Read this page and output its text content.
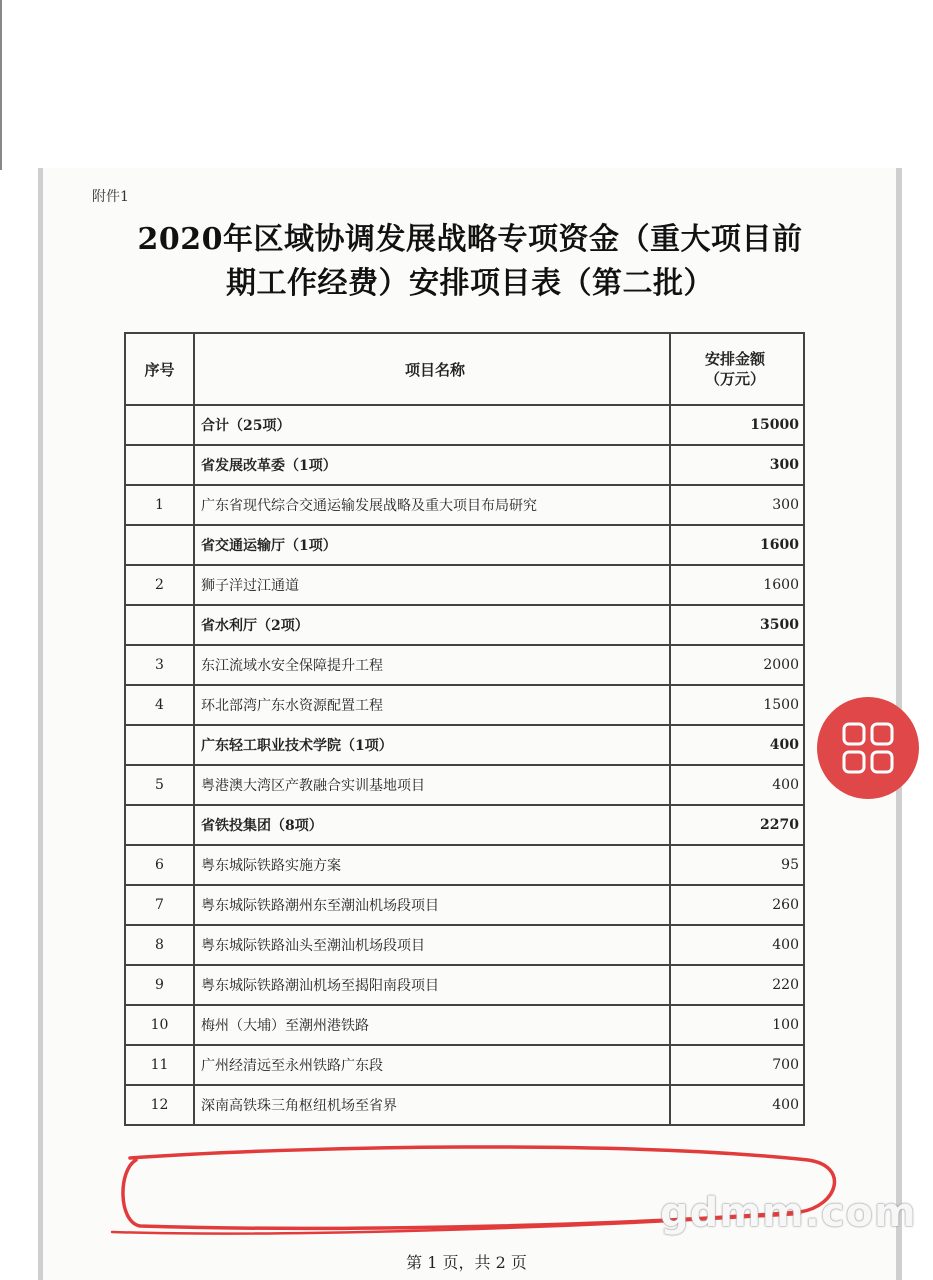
附件1
2020年区域协调发展战略专项资金（重大项目前
期工作经费）安排项目表（第二批）
序号	项目名称	安排金额
（万元）

	合计（25项）	15000
	省发展改革委（1项）	300
1	广东省现代综合交通运输发展战略及重大项目布局研究	300
	省交通运输厅（1项）	1600
2	狮子洋过江通道	1600
	省水利厅（2项）	3500
3	东江流域水安全保障提升工程	2000
4	环北部湾广东水资源配置工程	1500
	广东轻工职业技术学院（1项）	400
5	粤港澳大湾区产教融合实训基地项目	400
	省铁投集团（8项）	2270
6	粤东城际铁路实施方案	95
7	粤东城际铁路潮州东至潮汕机场段项目	260
8	粤东城际铁路汕头至潮汕机场段项目	400
9	粤东城际铁路潮汕机场至揭阳南段项目	220
10	梅州（大埔）至潮州港铁路	100
11	广州经清远至永州铁路广东段	700
12	深南高铁珠三角枢纽机场至省界	400
第 1 页，共 2 页
gdmm.com
